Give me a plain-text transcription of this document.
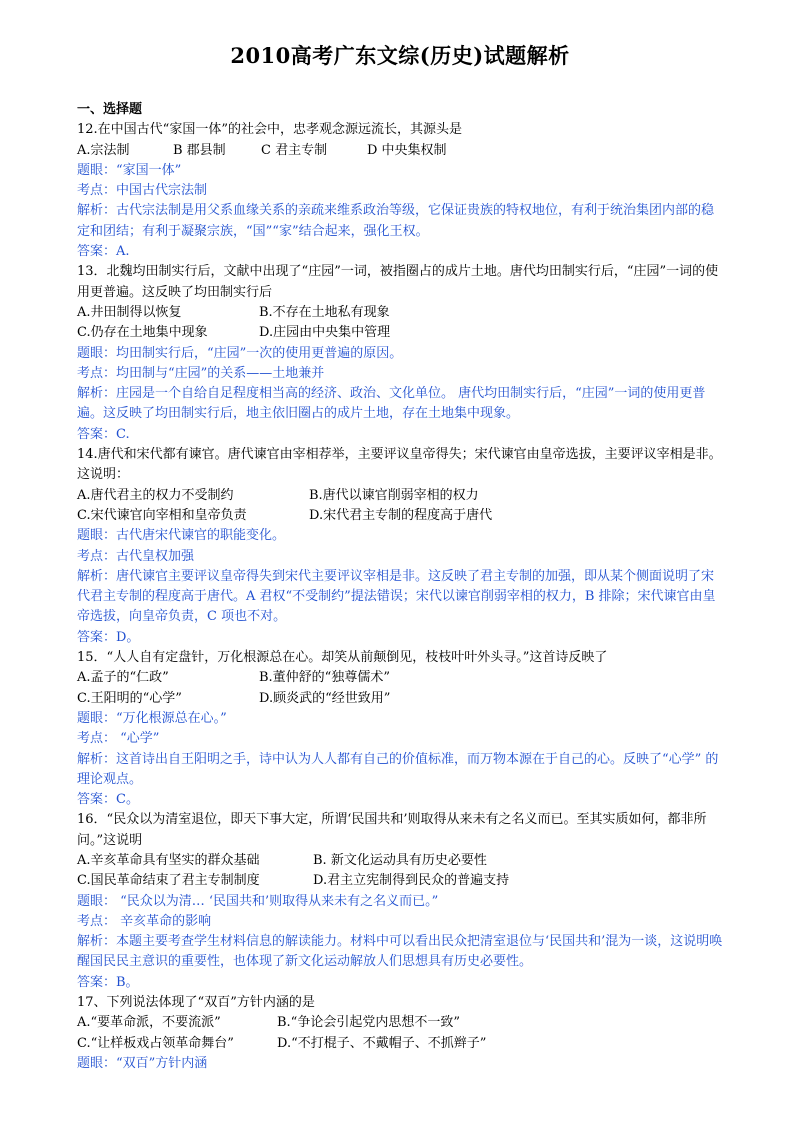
2010高考广东文综(历史)试题解析
一、选择题
12.在中国古代“家国一体”的社会中，忠孝观念源远流长，其源头是
A.宗法制	B 郡县制	C 君主专制	D 中央集权制
题眼：“家国一体”
考点：中国古代宗法制
解析：古代宗法制是用父系血缘关系的亲疏来维系政治等级，它保证贵族的特权地位，有利于统治集团内部的稳定和团结；有利于凝聚宗族，“国”“家”结合起来，强化王权。
答案：A.
13．北魏均田制实行后，文献中出现了“庄园”一词，被指圈占的成片土地。唐代均田制实行后，“庄园”一词的使用更普遍。这反映了均田制实行后
A.井田制得以恢复	B.不存在土地私有现象
C.仍存在土地集中现象	D.庄园由中央集中管理
题眼：均田制实行后，“庄园”一次的使用更普遍的原因。
考点：均田制与“庄园”的关系——土地兼并
解析：庄园是一个自给自足程度相当高的经济、政治、文化单位。 唐代均田制实行后，“庄园”一词的使用更普遍。这反映了均田制实行后，地主依旧圈占的成片土地，存在土地集中现象。
答案：C.
14.唐代和宋代都有谏官。唐代谏官由宰相荐举，主要评议皇帝得失；宋代谏官由皇帝选拔，主要评议宰相是非。这说明：
A.唐代君主的权力不受制约	B.唐代以谏官削弱宰相的权力
C.宋代谏官向宰相和皇帝负责	D.宋代君主专制的程度高于唐代
题眼：古代唐宋代谏官的职能变化。
考点：古代皇权加强
解析：唐代谏官主要评议皇帝得失到宋代主要评议宰相是非。这反映了君主专制的加强，即从某个侧面说明了宋代君主专制的程度高于唐代。A 君权“不受制约”提法错误；宋代以谏官削弱宰相的权力，B 排除；宋代谏官由皇帝选拔，向皇帝负责，C 项也不对。
答案：D。
15．“人人自有定盘针，万化根源总在心。却笑从前颠倒见，枝枝叶叶外头寻。”这首诗反映了
A.孟子的“仁政”	B.董仲舒的“独尊儒术”
C.王阳明的“心学”	D.顾炎武的“经世致用”
题眼：“万化根源总在心。”
考点： “心学”
解析：这首诗出自王阳明之手，诗中认为人人都有自己的价值标准，而万物本源在于自己的心。反映了“心学” 的理论观点。
答案：C。
16．“民众以为清室退位，即天下事大定，所谓‘民国共和’则取得从来未有之名义而已。至其实质如何，都非所问。”这说明
A.辛亥革命具有坚实的群众基础	B. 新文化运动具有历史必要性
C.国民革命结束了君主专制制度	D.君主立宪制得到民众的普遍支持
题眼： “民众以为清… ‘民国共和’则取得从来未有之名义而已。”
考点： 辛亥革命的影响
解析：本题主要考查学生材料信息的解读能力。材料中可以看出民众把清室退位与‘民国共和’混为一谈，这说明唤醒国民民主意识的重要性，也体现了新文化运动解放人们思想具有历史必要性。
答案：B。
17、下列说法体现了“双百”方针内涵的是
A.“要革命派，不要流派”	B.“争论会引起党内思想不一致”
C.“让样板戏占领革命舞台”	D.“不打棍子、不戴帽子、不抓辫子”
题眼：“双百”方针内涵
